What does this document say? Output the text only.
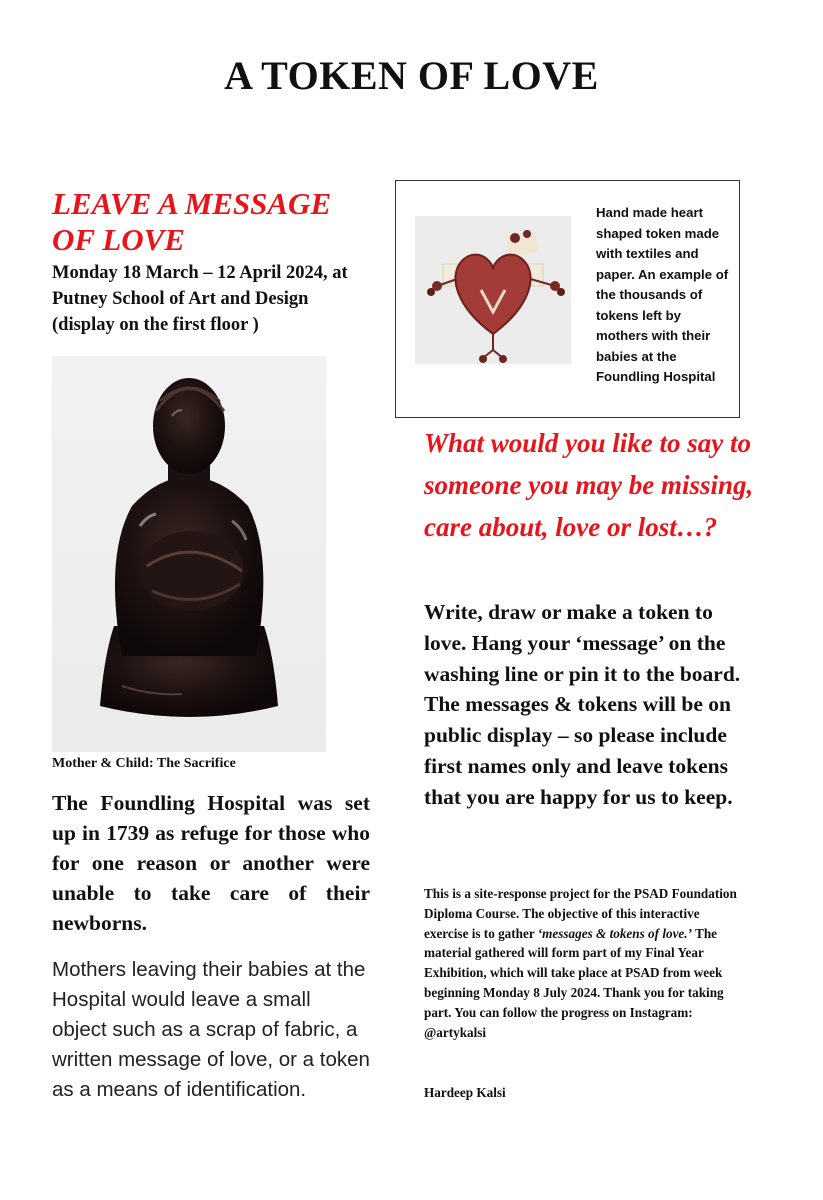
A TOKEN OF LOVE
LEAVE A MESSAGE
OF LOVE
Monday 18 March – 12 April 2024, at Putney School of Art and Design (display on the first floor )
Mother & Child: The Sacrifice
The Foundling Hospital was set up in 1739 as refuge for those who for one reason or another were unable to take care of their newborns.
Mothers leaving their babies at the Hospital would leave a small object such as a scrap of fabric, a written message of love, or a token as a means of identification.
Hand made heart shaped token made with textiles and paper. An example of the thousands of tokens left by mothers with their babies at the Foundling Hospital
What would you like to say to someone you may be missing, care about, love or lost…?
Write, draw or make a token to love. Hang your ‘message’ on the washing line or pin it to the board. The messages & tokens will be on public display – so please include first names only and leave tokens that you are happy for us to keep.
This is a site-response project for the PSAD Foundation Diploma Course. The objective of this interactive exercise is to gather ‘messages & tokens of love.’ The material gathered will form part of my Final Year Exhibition, which will take place at PSAD from week beginning Monday 8 July 2024. Thank you for taking part. You can follow the progress on Instagram: @artykalsi
Hardeep Kalsi
